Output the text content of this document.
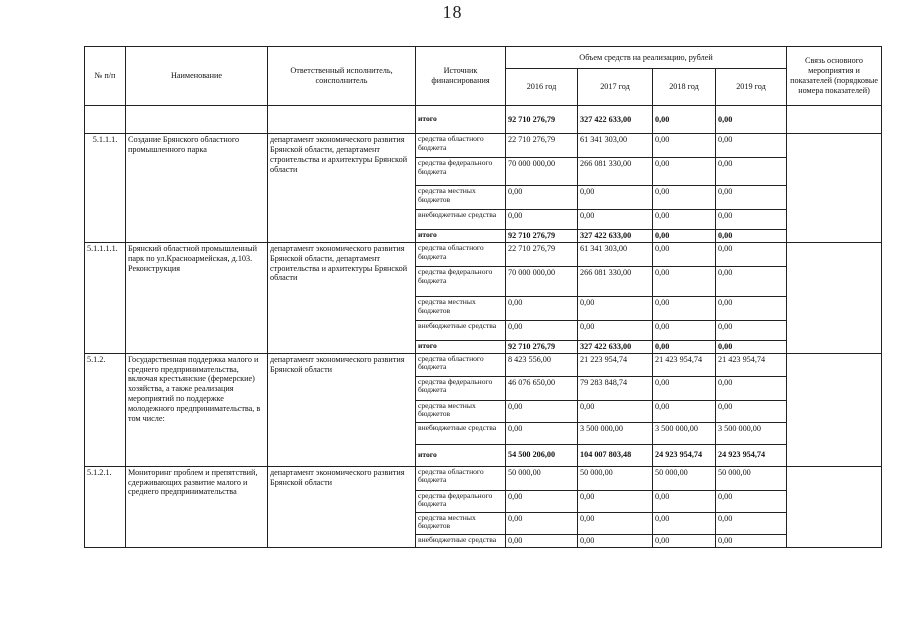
18
№ п/п	Наименование	Ответственный исполнитель, соисполнитель	Источник финансирования	Объем средств на реализацию, рублей				Связь основного мероприятия и показателей (порядковые номера показателей)
				2016 год	2017 год	2018 год	2019 год	
			итого	92 710 276,79	327 422 633,00	0,00	0,00	
5.1.1.1.	Создание Брянского областного промышленного парка	департамент экономического развития Брянской области, департамент строительства и архитектуры Брянской области	средства областного бюджета	22 710 276,79	61 341 303,00	0,00	0,00	
			средства федерального бюджета	70 000 000,00	266 081 330,00	0,00	0,00	
			средства местных бюджетов	0,00	0,00	0,00	0,00	
			внебюджетные средства	0,00	0,00	0,00	0,00	
			итого	92 710 276,79	327 422 633,00	0,00	0,00	
5.1.1.1.1.	Брянский областной промышленный парк по ул.Красноармейская, д.103. Реконструкция	департамент экономического развития Брянской области, департамент строительства и архитектуры Брянской области	средства областного бюджета	22 710 276,79	61 341 303,00	0,00	0,00	
			средства федерального бюджета	70 000 000,00	266 081 330,00	0,00	0,00	
			средства местных бюджетов	0,00	0,00	0,00	0,00	
			внебюджетные средства	0,00	0,00	0,00	0,00	
			итого	92 710 276,79	327 422 633,00	0,00	0,00	
5.1.2.	Государственная поддержка малого и среднего предпринимательства, включая крестьянские (фермерские) хозяйства, а также реализация мероприятий по поддержке молодежного предпринимательства, в том числе:	департамент экономического развития Брянской области	средства областного бюджета	8 423 556,00	21 223 954,74	21 423 954,74	21 423 954,74	
			средства федерального бюджета	46 076 650,00	79 283 848,74	0,00	0,00	
			средства местных бюджетов	0,00	0,00	0,00	0,00	
			внебюджетные средства	0,00	3 500 000,00	3 500 000,00	3 500 000,00	
			итого	54 500 206,00	104 007 803,48	24 923 954,74	24 923 954,74	
5.1.2.1.	Мониторинг проблем и препятствий, сдерживающих развитие малого и среднего предпринимательства	департамент экономического развития Брянской области	средства областного бюджета	50 000,00	50 000,00	50 000,00	50 000,00	
			средства федерального бюджета	0,00	0,00	0,00	0,00	
			средства местных бюджетов	0,00	0,00	0,00	0,00	
			внебюджетные средства	0,00	0,00	0,00	0,00	
